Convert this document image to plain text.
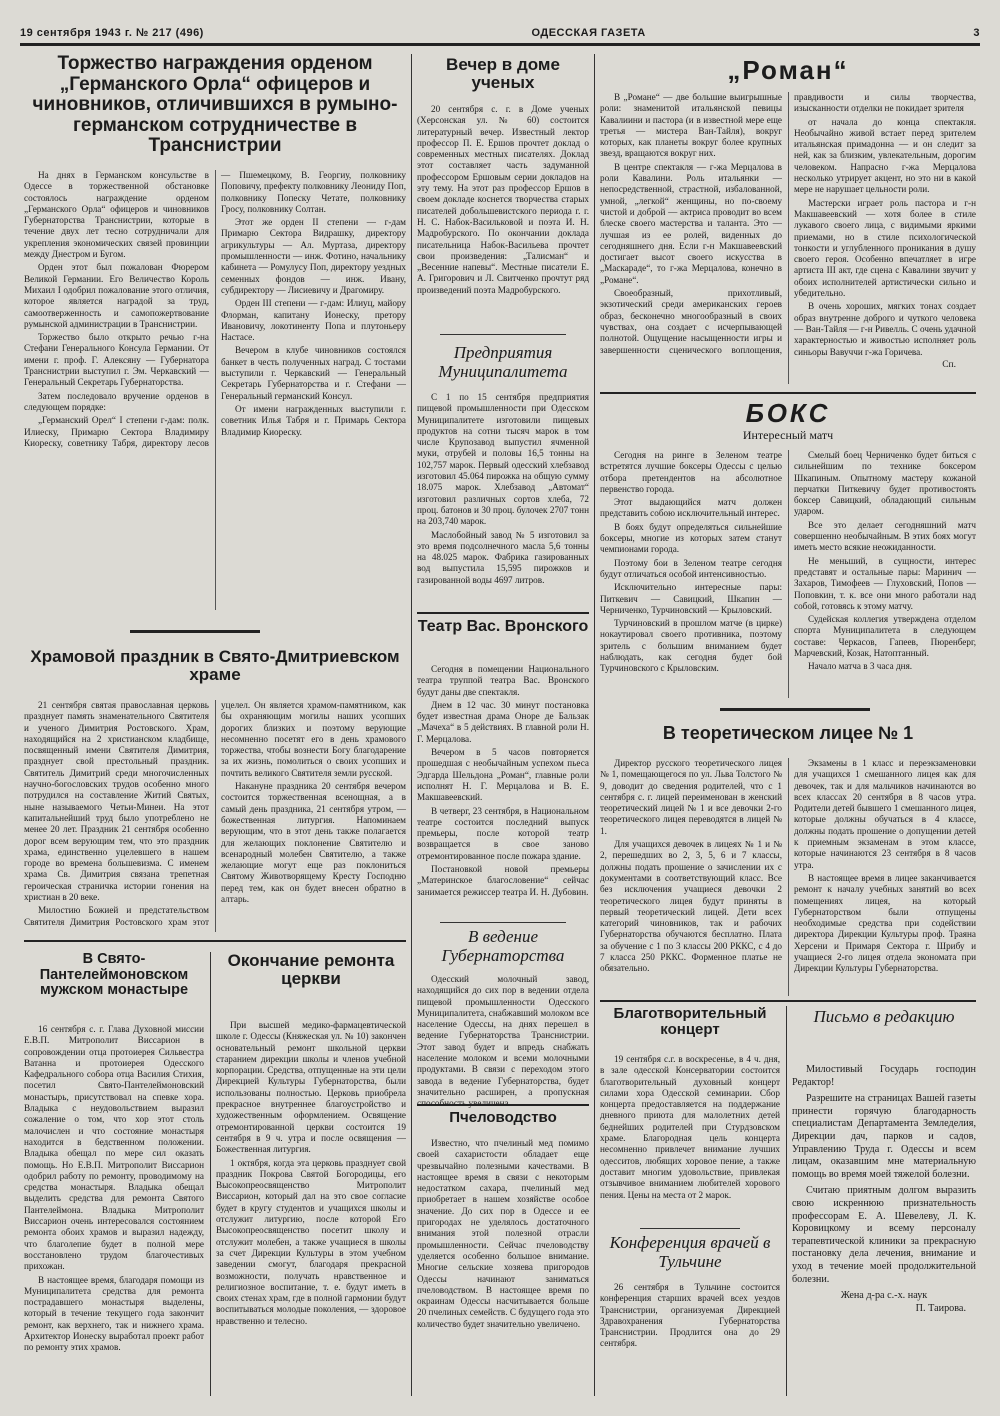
19 сентября 1943 г. № 217 (496)	ОДЕССКАЯ ГАЗЕТА	3
Торжество награждения орденом „Германского Орла“ офицеров и чиновников, отличившихся в румыно-германском сотрудничестве в Транснистрии

На днях в Германском консульстве в Одессе в торжественной обстановке состоялось награждение орденом „Германского Орла“ офицеров и чиновников Губернаторства Транснистрии, которые в течение двух лет тесно сотрудничали для укрепления экономических связей провинции между Днестром и Бугом.

Орден этот был пожалован Фюрером Великой Германии. Его Величество Король Михаил I одобрил пожалование этого отличия, которое является наградой за труд, самоотверженность и самопожертвование румынской администрации в Транснистрии.

Торжество было открыто речью г-на Стефани Генерального Консула Германии. От имени г. проф. Г. Алексяну — Губернатора Транснистрии выступил г. Эм. Черкавский — Генеральный Секретарь Губернаторства.

Затем последовало вручение орденов в следующем порядке:

„Германский Орел“ I степени г-дам: полк. Илиеску, Примарю Сектора Владимиру Киореску, советнику Табря, директору лесов — Пшемецкому, В. Георгиу, полковнику Поповичу, префекту полковнику Леониду Поп, полковнику Попеску Четате, полковнику Гросу, полковнику Солтан.

Этот же орден II степени — г-дам Примарю Сектора Видрашку, директору агрикультуры — Ал. Муртаза, директору промышленности — инж. Фотино, начальнику кабинета — Ромулусу Поп, директору уездных семенных фондов — инж. Ивану, субдиректору — Лисиевичу и Драгомиру.

Орден III степени — г-дам: Илиуц, майору Флорман, капитану Ионеску, претору Ивановичу, локотиненту Попа и плутоньеру Настасе.

Вечером в клубе чиновников состоялся банкет в честь полученных наград. С тостами выступили г. Черкавский — Генеральный Секретарь Губернаторства и г. Стефани — Генеральный германский Консул.

От имени награжденных выступили г. советник Илья Табря и г. Примарь Сектора Владимир Киореску.

Храмовой праздник в Свято-Дмитриевском храме

21 сентября святая православная церковь празднует память знаменательного Святителя и ученого Димитрия Ростовского. Храм, находящийся на 2 христианском кладбище, посвященный имени Святителя Димитрия, празднует свой престольный праздник. Святитель Димитрий среди многочисленных научно-богословских трудов особенно много потрудился на составление Житий Святых, ныне называемого Четьи-Минеи. На этот капитальнейший труд было употреблено не менее 20 лет. Праздник 21 сентября особенно дорог всем верующим тем, что это праздник храма, единственно уцелевшего в нашем городе во времена большевизма. С именем храма Св. Димитрия связана трепетная героическая страничка истории гонения на христиан в 20 веке.

Милостию Божией и предстательством Святителя Димитрия Ростовского храм этот уцелел. Он является храмом-памятником, как бы охраняющим могилы наших усопших дорогих близких и поэтому верующие несомненно посетят его в день храмового торжества, чтобы вознести Богу благодарение за их жизнь, помолиться о своих усопших и почтить великого Святителя земли русской.

Накануне праздника 20 сентября вечером состоится торжественная всенощная, а в самый день праздника, 21 сентября утром, — божественная литургия. Напоминаем верующим, что в этот день также полагается для желающих поклонение Святителю и всенародный молебен Святителю, а также желающие могут еще раз поклониться Святому Животворящему Кресту Господню перед тем, как он будет внесен обратно в алтарь.

В Свято-Пантелеймоновском мужском монастыре

16 сентября с. г. Глава Духовной миссии Е.В.П. Митрополит Виссарион в сопровождении отца протоиерея Сильвестра Ватанна и протоиерея Одесского Кафедрального собора отца Василия Стихия, посетил Свято-Пантелеймоновский монастырь, присутствовал на спевке хора. Владыка с неудовольствием выразил сожаление о том, что хор этот столь малочислен и что состояние монастыря находится в бедственном положении. Владыка обещал по мере сил оказать помощь. Но Е.В.П. Митрополит Виссарион одобрил работу по ремонту, проводимому на средства монастыря. Владыка обещал выделить средства для ремонта Святого Пантелеймона. Владыка Митрополит Виссарион очень интересовался состоянием ремонта обоих храмов и выразил надежду, что благолепие будет в полной мере восстановлено трудом благочестивых прихожан.

В настоящее время, благодаря помощи из Муниципалитета средства для ремонта пострадавшего монастыря выделены, который в течение текущего года закончит ремонт, как верхнего, так и нижнего храма. Архитектор Ионеску выработал проект работ по ремонту этих храмов.

Окончание ремонта церкви

При высшей медико-фармацевтической школе г. Одессы (Княжеская ул. № 10) закончен основательный ремонт школьной церкви старанием дирекции школы и членов учебной корпорации. Средства, отпущенные на эти цели Дирекцией Культуры Губернаторства, были использованы полностью. Церковь приобрела прекрасное внутреннее благоустройство и художественным оформлением. Освящение отремонтированной церкви состоится 19 сентября в 9 ч. утра и после освящения — Божественная литургия.

1 октября, когда эта церковь празднует свой праздник Покрова Святой Богородицы, его Высокопреосвященство Митрополит Виссарион, который дал на это свое согласие будет в кругу студентов и учащихся школы и отслужит литургию, после которой Его Высокопреосвященство посетит школу и отслужит молебен, а также учащиеся в школы за счет Дирекции Культуры в этом учебном заведении смогут, благодаря прекрасной возможности, получать нравственное и религиозное воспитание, т. е. будут иметь в своих стенах храм, где в полной гармонии будут воспитываться молодые поколения, — здоровое нравственно и телесно.

Вечер в доме ученых

20 сентября с. г. в Доме ученых (Херсонская ул. № 60) состоится литературный вечер. Известный лектор профессор П. Е. Ершов прочтет доклад о современных местных писателях. Доклад этот составляет часть задуманной профессором Ершовым серии докладов на эту тему. На этот раз профессор Ершов в своем докладе коснется творчества старых писателей добольшевистского периода г. г. Н. С. Набок-Васильковой и поэта И. Н. Мадробурского. По окончании доклада писательница Набок-Васильева прочтет свои произведения: „Талисман“ и „Весенние напевы“. Местные писатели Е. А. Григорович и Л. Свитченко прочтут ряд произведений поэта Мадробурского.

Предприятия Муниципалитета

С 1 по 15 сентября предприятия пищевой промышленности при Одесском Муниципалитете изготовили пищевых продуктов на сотни тысяч марок в том числе Крупозавод выпустил ячменной муки, отрубей и половы 16,5 тонны на 102,757 марок. Первый одесский хлебзавод изготовил 45.064 пирожка на общую сумму 18.075 марок. Хлебзавод „Автомат“ изготовил различных сортов хлеба, 72 проц. батонов и 30 проц. булочек 2707 тонн на 203,740 марок.

Маслобойный завод № 5 изготовил за это время подсолнечного масла 5,6 тонны на 48.025 марок. Фабрика газированных вод выпустила 15,595 пирожков и газированной воды 4697 литров.

Театр Вас. Вронского

Сегодня в помещении Национального театра труппой театра Вас. Вронского будут даны две спектакля.

Днем в 12 час. 30 минут постановка будет известная драма Оноре де Бальзак „Мачеха“ в 5 действиях. В главной роли Н. Г. Мерцалова.

Вечером в 5 часов повторяется прошедшая с необычайным успехом пьеса Эдгарда Шельдона „Роман“, главные роли исполнят Н. Г. Мерцалова и В. Е. Макшавеевский.

В четверг, 23 сентября, в Национальном театре состоится последний выпуск премьеры, после которой театр возвращается в свое заново отремонтированное после пожара здание.

Постановкой новой премьеры „Материнское благословение“ сейчас занимается режиссер театра И. Н. Дубовин.

В ведение Губернаторства

Одесский молочный завод, находящийся до сих пор в ведении отдела пищевой промышленности Одесского Муниципалитета, снабжавший молоком все население Одессы, на днях перешел в ведение Губернаторства Транснистрии. Этот завод будет и впредь снабжать население молоком и всеми молочными продуктами. В связи с переходом этого завода в ведение Губернаторства, будет значительно расширен, а пропускная

Пчеловодство

Известно, что пчелиный мед помимо своей сахаристости обладает еще чрезвычайно полезными качествами. В настоящее время в связи с некоторым недостатком сахара, пчелиный мед приобретает в нашем хозяйстве особое значение. До сих пор в Одессе и ее пригородах не уделялось достаточного внимания этой полезной отрасли промышленности. Сейчас пчеловодству уделяется особенно большое внимание. Многие сельские хозяева пригородов Одессы начинают заниматься пчеловодством. В настоящее время по окраинам Одессы насчитывается больше 20 пчелиных семейств. С будущего года это количество будет значительно увеличено.

„Роман“

В „Романе“ — две большие выигрышные роли: знаменитой итальянской певицы Кавалиини и пастора (и в известной мере еще третья — мистера Ван-Тайля), вокруг которых, как планеты вокруг более крупных звезд, вращаются вокруг них.

В центре спектакля — г-жа Мерцалова в роли Кавалини. Роль итальянки — непосредственной, страстной, избалованной, умной, „легкой“ женщины, но по-своему чистой и доброй — актриса проводит во всем блеске своего мастерства и таланта. Это — лучшая из ее ролей, виденных до сегодняшнего дня. Если г-н Макшавеевский достигает высот своего искусства в „Маскараде“, то г-жа Мерцалова, конечно в „Романе“.

Своеобразный, прихотливый, экзотический среди американских героев образ, бесконечно многообразный в своих чувствах, она создает с исчерпывающей полнотой. Ощущение насыщенности игры и завершенности сценического воплощения, правдивости и силы творчества, изысканности отделки не покидает зрителя

от начала до конца спектакля. Необычайно живой встает перед зрителем итальянская примадонна — и он следит за ней, как за близким, увлекательным, дорогим человеком. Напрасно г-жа Мерцалова несколько утрирует акцент, но это ни в какой мере не нарушает цельности роли.

Мастерски играет роль пастора и г-н Макшавеевский — хотя более в стиле лукавого своего лица, с видимыми яркими приемами, но в стиле психологической тонкости и углубленного проникания в душу своего героя. Особенно впечатляет в игре артиста III акт, где сцена с Кавалини звучит у обоих исполнителей артистически сильно и убедительно.

В очень хороших, мягких тонах создает образ внутренне доброго и чуткого человека — Ван-Тайля — г-н Ривелль. С очень удачной характерностью и живостью исполняет роль синьоры Вавуччи г-жа Горичева.

Сп.
БОКС
Интересный матч

Сегодня на ринге в Зеленом театре встретятся лучшие боксеры Одессы с целью отбора претендентов на абсолютное первенство города.

Этот выдающийся матч должен представить собою исключительный интерес.

В боях будут определяться сильнейшие боксеры, многие из которых затем станут чемпионами города.

Поэтому бои в Зеленом театре сегодня будут отличаться особой интенсивностью.

Исключительно интересные пары: Питкевич — Савицкий, Шкапин — Черниченко, Турчиновский — Крыловский.

Турчиновский в прошлом матче (в цирке) нокаутировал своего противника, поэтому зритель с большим вниманием будет наблюдать, как сегодня будет бой Турчиновского с Крыловским.

Смелый боец Черниченко будет биться с сильнейшим по технике боксером Шкапиным. Опытному мастеру кожаной перчатки Питкевичу будет противостоять боксер Савицкий, обладающий сильным ударом.

Все это делает сегодняшний матч совершенно необычайным. В этих боях могут иметь место всякие неожиданности.

Не меньший, в сущности, интерес представят и остальные пары: Маринич — Захаров, Тимофеев — Глуховский, Попов — Поповкин, т. к. все они много работали над собой, готовясь к этому матчу.

Судейская коллегия утверждена отделом спорта Муниципалитета в следующем составе: Черкасов, Гапеев, Пюренберг, Марчевский, Козак, Натоптанный.

Начало матча в 3 часа дня.

В теоретическом лицее № 1

Директор русского теоретического лицея № 1, помещающегося по ул. Льва Толстого № 9, доводит до сведения родителей, что с 1 сентября с. г. лицей переименован в женский теоретический лицей № 1 и все девочки 2-го теоретического лицея переводятся в лицей № 1.

Для учащихся девочек в лицеях № 1 и № 2, перешедших во 2, 3, 5, 6 и 7 классы, должны подать прошение о зачислении их с документами в соответствующий класс. Все без исключения учащиеся девочки 2 теоретического лицея будут приняты в первый теоретический лицей. Дети всех категорий чиновников, так и рабочих Губернаторства обучаются бесплатно. Плата за обучение с 1 по 3 классы 200 РККС, с 4 до 7 класса 250 РККС. Форменное платье не обязательно.

Экзамены в 1 класс и переэкзаменовки для учащихся 1 смешанного лицея как для девочек, так и для мальчиков начинаются во всех классах 20 сентября в 8 часов утра. Родители детей бывшего 1 смешанного лицея, которые должны обучаться в 4 классе, должны подать прошение о допущении детей к приемным экзаменам в этом классе, которые начинаются 23 сентября в 8 часов утра.

В настоящее время в лицее заканчивается ремонт к началу учебных занятий во всех помещениях лицея, на который Губернаторством были отпущены необходимые средства при содействии директора Дирекции Культуры проф. Траяна Херсени и Примаря Сектора г. Шрибу и учащиеся 2-го лицея отдела экономата при Дирекции Культуры Губернаторства.

Благотворительный концерт

19 сентября с.г. в воскресенье, в 4 ч. дня, в зале одесской Консерватории состоится благотворительный духовный концерт силами хора Одесской семинарии. Сбор концерта предоставляется на поддержание дневного приюта для малолетних детей беднейших родителей при Стурдзовском храме. Благородная цель концерта несомненно привлечет внимание лучших одесситов, любящих хоровое пение, а также доставит многим удовольствие, привлекая отзывчивое вниманием любителей хорового пения. Цены на места от 2 марок.

Конференция врачей в Тульчине

26 сентября в Тульчине состоится конференция старших врачей всех уездов Транснистрии, организуемая Дирекцией Здравохранения Губернаторства Транснистрии. Продлится она до 29 сентября.

Письмо в редакцию

Милостивый Государь господин Редактор!

Разрешите на страницах Вашей газеты принести горячую благодарность специалистам Департамента Земледелия, Дирекции дач, парков и садов, Управлению Труда г. Одессы и всем лицам, оказавшим мне материальную помощь во время моей тяжелой болезни.

Считаю приятным долгом выразить свою искреннюю признательность профессорам Е. А. Шевелеву, Л. К. Коровицкому и всему персоналу терапевтической клиники за прекрасную постановку дела лечения, внимание и уход в течение моей продолжительной болезни.

Жена д-ра с.-х. наук

П. Таирова.
